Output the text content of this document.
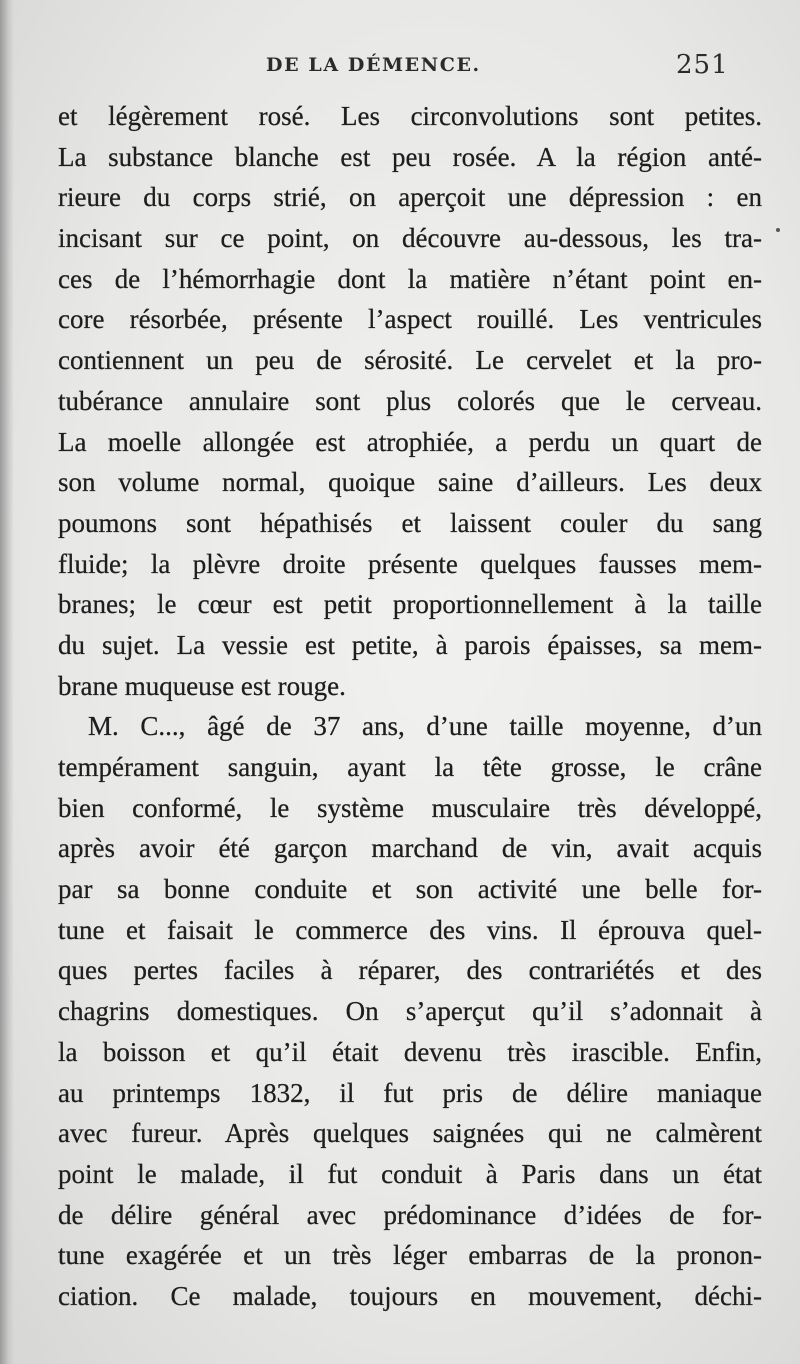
DE LA DÉMENCE.	251
et légèrement rosé. Les circonvolutions sont petites.
La substance blanche est peu rosée. A la région anté-
rieure du corps strié, on aperçoit une dépression : en
incisant sur ce point, on découvre au-dessous, les tra-
ces de l’hémorrhagie dont la matière n’étant point en-
core résorbée, présente l’aspect rouillé. Les ventricules
contiennent un peu de sérosité. Le cervelet et la pro-
tubérance annulaire sont plus colorés que le cerveau.
La moelle allongée est atrophiée, a perdu un quart de
son volume normal, quoique saine d’ailleurs. Les deux
poumons sont hépathisés et laissent couler du sang
fluide; la plèvre droite présente quelques fausses mem-
branes; le cœur est petit proportionnellement à la taille
du sujet. La vessie est petite, à parois épaisses, sa mem-
brane muqueuse est rouge.
M. C..., âgé de 37 ans, d’une taille moyenne, d’un
tempérament sanguin, ayant la tête grosse, le crâne
bien conformé, le système musculaire très développé,
après avoir été garçon marchand de vin, avait acquis
par sa bonne conduite et son activité une belle for-
tune et faisait le commerce des vins. Il éprouva quel-
ques pertes faciles à réparer, des contrariétés et des
chagrins domestiques. On s’aperçut qu’il s’adonnait à
la boisson et qu’il était devenu très irascible. Enfin,
au printemps 1832, il fut pris de délire maniaque
avec fureur. Après quelques saignées qui ne calmèrent
point le malade, il fut conduit à Paris dans un état
de délire général avec prédominance d’idées de for-
tune exagérée et un très léger embarras de la pronon-
ciation. Ce malade, toujours en mouvement, déchi-
